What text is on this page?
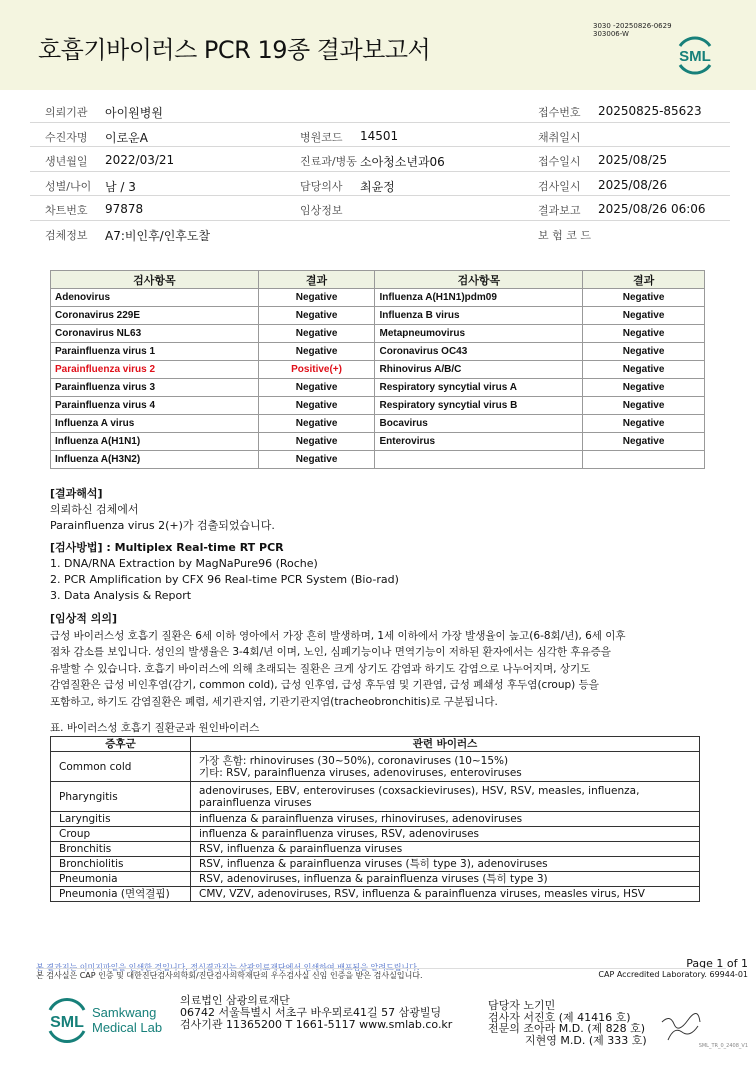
호흡기바이러스 PCR 19종 결과보고서
3030 -20250826-0629
303006-W
SML
의뢰기관 아이원병원	접수번호 20250825-85623
수진자명 이로운A	병원코드 14501	채취일시
생년월일 2022/03/21	진료과/병동 소아청소년과06	접수일시 2025/08/25
성별/나이 남 / 3	담당의사 최윤정	검사일시 2025/08/26
차트번호 97878	임상정보	결과보고 2025/08/26 06:06
검체정보 A7:비인후/인후도찰	보 험 코 드
검사항목	결과	검사항목	결과
Adenovirus	Negative	Influenza A(H1N1)pdm09	Negative
Coronavirus 229E	Negative	Influenza B virus	Negative
Coronavirus NL63	Negative	Metapneumovirus	Negative
Parainfluenza virus 1	Negative	Coronavirus OC43	Negative
Parainfluenza virus 2	Positive(+)	Rhinovirus A/B/C	Negative
Parainfluenza virus 3	Negative	Respiratory syncytial virus A	Negative
Parainfluenza virus 4	Negative	Respiratory syncytial virus B	Negative
Influenza A virus	Negative	Bocavirus	Negative
Influenza A(H1N1)	Negative	Enterovirus	Negative
Influenza A(H3N2)	Negative		
[결과해석]
의뢰하신 검체에서
Parainfluenza virus 2(+)가 검출되었습니다.
[검사방법] : Multiplex Real-time RT PCR
1. DNA/RNA Extraction by MagNaPure96 (Roche)
2. PCR Amplification by CFX 96 Real-time PCR System (Bio-rad)
3. Data Analysis & Report
[임상적 의의]
급성 바이러스성 호흡기 질환은 6세 이하 영아에서 가장 흔히 발생하며, 1세 이하에서 가장 발생율이 높고(6-8회/년), 6세 이후
점차 감소를 보입니다. 성인의 발생율은 3-4회/년 이며, 노인, 심폐기능이나 면역기능이 저하된 환자에서는 심각한 후유증을
유발할 수 있습니다. 호흡기 바이러스에 의해 초래되는 질환은 크게 상기도 감염과 하기도 감염으로 나누어지며, 상기도
감염질환은 급성 비인후염(감기, common cold), 급성 인후염, 급성 후두염 및 기관염, 급성 폐쇄성 후두염(croup) 등을
포함하고, 하기도 감염질환은 폐렴, 세기관지염, 기관기관지염(tracheobronchitis)로 구분됩니다.
표. 바이러스성 호흡기 질환군과 원인바이러스
증후군	관련 바이러스
Common cold	가장 흔함: rhinoviruses (30~50%), coronaviruses (10~15%)
기타: RSV, parainfluenza viruses, adenoviruses, enteroviruses
Pharyngitis	adenoviruses, EBV, enteroviruses (coxsackieviruses), HSV, RSV, measles, influenza, parainfluenza viruses
Laryngitis	influenza & parainfluenza viruses, rhinoviruses, adenoviruses
Croup	influenza & parainfluenza viruses, RSV, adenoviruses
Bronchitis	RSV, influenza & parainfluenza viruses
Bronchiolitis	RSV, influenza & parainfluenza viruses (특히 type 3), adenoviruses
Pneumonia	RSV, adenoviruses, influenza & parainfluenza viruses (특히 type 3)
Pneumonia (면역결핍)	CMV, VZV, adenoviruses, RSV, influenza & parainfluenza viruses, measles virus, HSV
Page 1 of 1
본 결과지는 이미지파일을 인쇄한 것입니다. 정식결과지는 삼광의료재단에서 인쇄하여 배포됨을 알려드립니다.
본 검사실은 CAP 인증 및 대한진단검사의학회/진단검사의학재단의 우수검사실 신임 인증을 받은 검사실입니다.	CAP Accredited Laboratory. 69944-01
SML
Samkwang
Medical Lab
의료법인 삼광의료재단
06742 서울특별시 서초구 바우뫼로41길 57 삼광빌딩
검사기관 11365200 T 1661-5117 www.smlab.co.kr
담당자 노기민
검사자 서진호 (제 41416 호)
전문의 조아라 M.D. (제 828 호)
지현영 M.D. (제 333 호)	SML_TR_0_2408_V1
